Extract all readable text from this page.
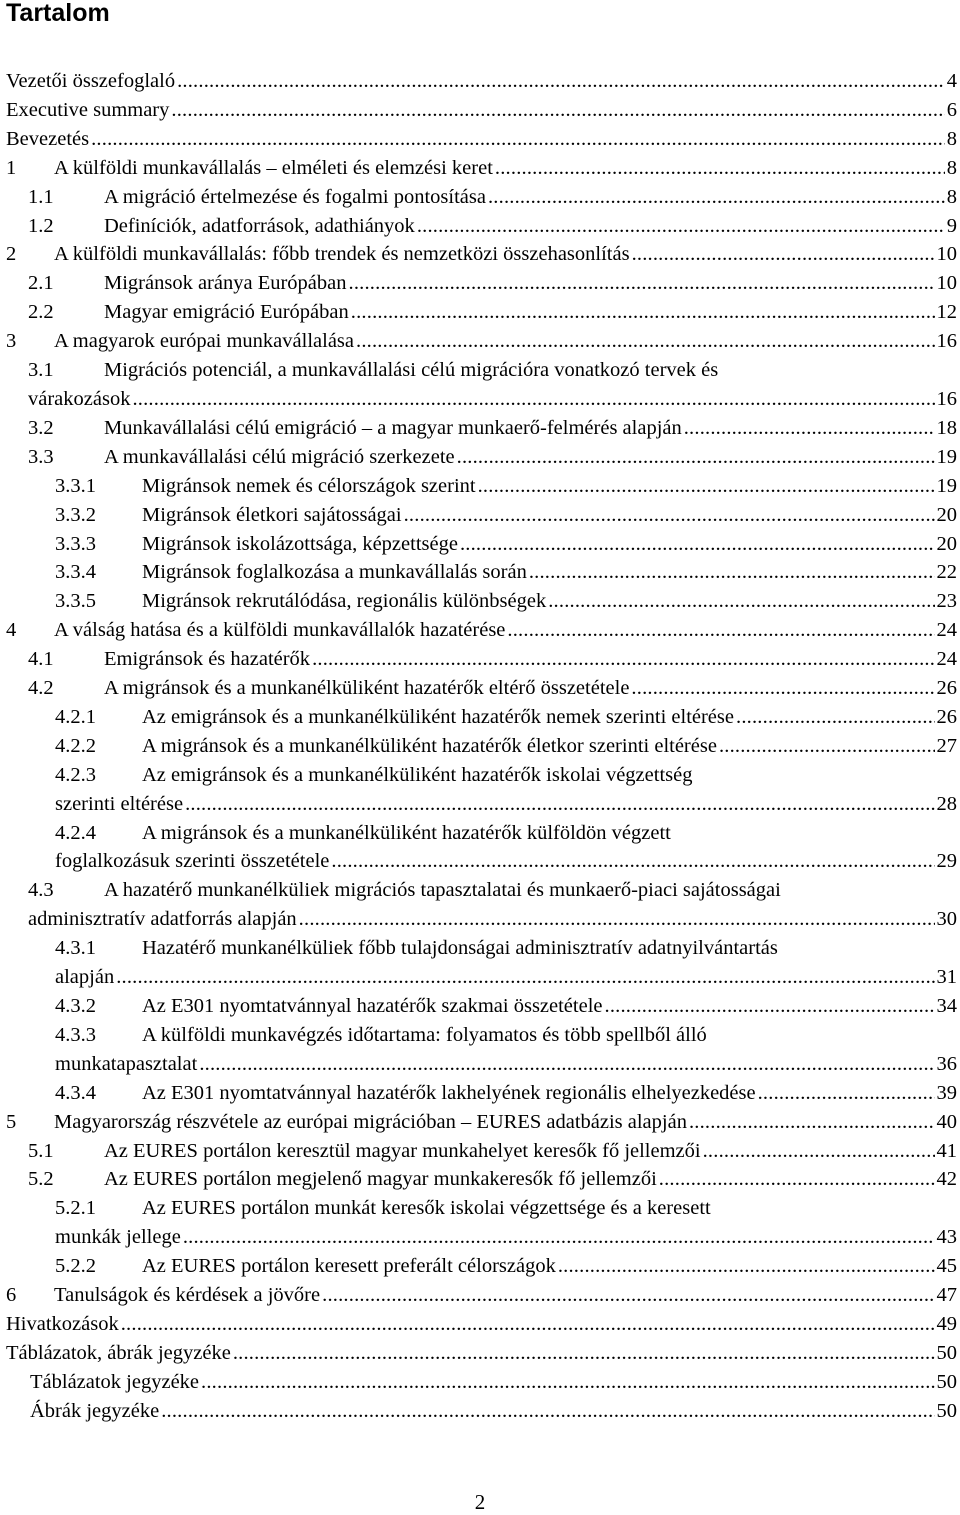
Tartalom
Vezetői összefoglaló .....	4
Executive summary .....	6
Bevezetés .....	8
1	A külföldi munkavállalás – elméleti és elemzési keret .....	8
1.1	A migráció értelmezése és fogalmi pontosítása .....	8
1.2	Definíciók, adatforrások, adathiányok .....	9
2	A külföldi munkavállalás: főbb trendek és nemzetközi összehasonlítás .....	10
2.1	Migránsok aránya Európában .....	10
2.2	Magyar emigráció Európában .....	12
3	A magyarok európai munkavállalása .....	16
3.1	Migrációs potenciál, a munkavállalási célú migrációra vonatkozó tervek és
várakozások .....	16
3.2	Munkavállalási célú emigráció – a magyar munkaerő-felmérés alapján .....	18
3.3	A munkavállalási célú migráció szerkezete .....	19
3.3.1	Migránsok nemek és célországok szerint .....	19
3.3.2	Migránsok életkori sajátosságai .....	20
3.3.3	Migránsok iskolázottsága, képzettsége .....	20
3.3.4	Migránsok foglalkozása a munkavállalás során .....	22
3.3.5	Migránsok rekrutálódása, regionális különbségek .....	23
4	A válság hatása és a külföldi munkavállalók hazatérése .....	24
4.1	Emigránsok és hazatérők .....	24
4.2	A migránsok és a munkanélküliként hazatérők eltérő összetétele .....	26
4.2.1	Az emigránsok és a munkanélküliként hazatérők nemek szerinti eltérése .....	26
4.2.2	A migránsok és a munkanélküliként hazatérők életkor szerinti eltérése .....	27
4.2.3	Az emigránsok és a munkanélküliként hazatérők iskolai végzettség
szerinti eltérése .....	28
4.2.4	A migránsok és a munkanélküliként hazatérők külföldön végzett
foglalkozásuk szerinti összetétele .....	29
4.3	A hazatérő munkanélküliek migrációs tapasztalatai és munkaerő-piaci sajátosságai
adminisztratív adatforrás alapján .....	30
4.3.1	Hazatérő munkanélküliek főbb tulajdonságai adminisztratív adatnyilvántartás
alapján .....	31
4.3.2	Az E301 nyomtatvánnyal hazatérők szakmai összetétele .....	34
4.3.3	A külföldi munkavégzés időtartama: folyamatos és több spellből álló
munkatapasztalat .....	36
4.3.4	Az E301 nyomtatvánnyal hazatérők lakhelyének regionális elhelyezkedése .....	39
5	Magyarország részvétele az európai migrációban – EURES adatbázis alapján .....	40
5.1	Az EURES portálon keresztül magyar munkahelyet keresők fő jellemzői .....	41
5.2	Az EURES portálon megjelenő magyar munkakeresők fő jellemzői .....	42
5.2.1	Az EURES portálon munkát keresők iskolai végzettsége és a keresett
munkák jellege .....	43
5.2.2	Az EURES portálon keresett preferált célországok .....	45
6	Tanulságok és kérdések a jövőre .....	47
Hivatkozások .....	49
Táblázatok, ábrák jegyzéke .....	50
Táblázatok jegyzéke .....	50
Ábrák jegyzéke .....	50
2
